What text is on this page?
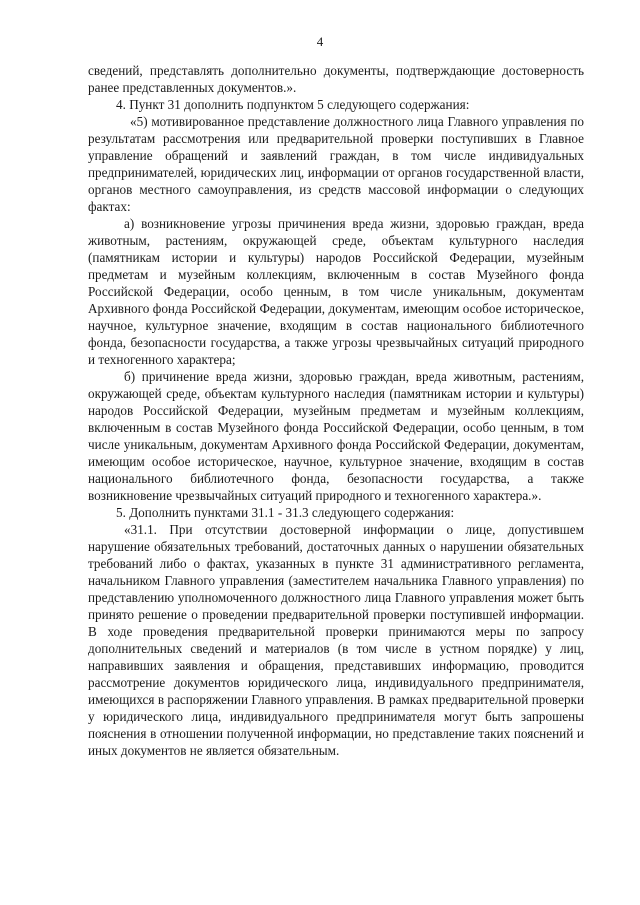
4

сведений, представлять дополнительно документы, подтверждающие достоверность ранее представленных документов.».

4. Пункт 31 дополнить подпунктом 5 следующего содержания:

«5) мотивированное представление должностного лица Главного управления по результатам рассмотрения или предварительной проверки поступивших в Главное управление обращений и заявлений граждан, в том числе индивидуальных предпринимателей, юридических лиц, информации от органов государственной власти, органов местного самоуправления, из средств массовой информации о следующих фактах:

а) возникновение угрозы причинения вреда жизни, здоровью граждан, вреда животным, растениям, окружающей среде, объектам культурного наследия (памятникам истории и культуры) народов Российской Федерации, музейным предметам и музейным коллекциям, включенным в состав Музейного фонда Российской Федерации, особо ценным, в том числе уникальным, документам Архивного фонда Российской Федерации, документам, имеющим особое историческое, научное, культурное значение, входящим в состав национального библиотечного фонда, безопасности государства, а также угрозы чрезвычайных ситуаций природного и техногенного характера;

б) причинение вреда жизни, здоровью граждан, вреда животным, растениям, окружающей среде, объектам культурного наследия (памятникам истории и культуры) народов Российской Федерации, музейным предметам и музейным коллекциям, включенным в состав Музейного фонда Российской Федерации, особо ценным, в том числе уникальным, документам Архивного фонда Российской Федерации, документам, имеющим особое историческое, научное, культурное значение, входящим в состав национального библиотечного фонда, безопасности государства, а также возникновение чрезвычайных ситуаций природного и техногенного характера.».

5. Дополнить пунктами 31.1 - 31.3 следующего содержания:

«31.1. При отсутствии достоверной информации о лице, допустившем нарушение обязательных требований, достаточных данных о нарушении обязательных требований либо о фактах, указанных в пункте 31 административного регламента, начальником Главного управления (заместителем начальника Главного управления) по представлению уполномоченного должностного лица Главного управления может быть принято решение о проведении предварительной проверки поступившей информации. В ходе проведения предварительной проверки принимаются меры по запросу дополнительных сведений и материалов (в том числе в устном порядке) у лиц, направивших заявления и обращения, представивших информацию, проводится рассмотрение документов юридического лица, индивидуального предпринимателя, имеющихся в распоряжении Главного управления. В рамках предварительной проверки у юридического лица, индивидуального предпринимателя могут быть запрошены пояснения в отношении полученной информации, но представление таких пояснений и иных документов не является обязательным.
